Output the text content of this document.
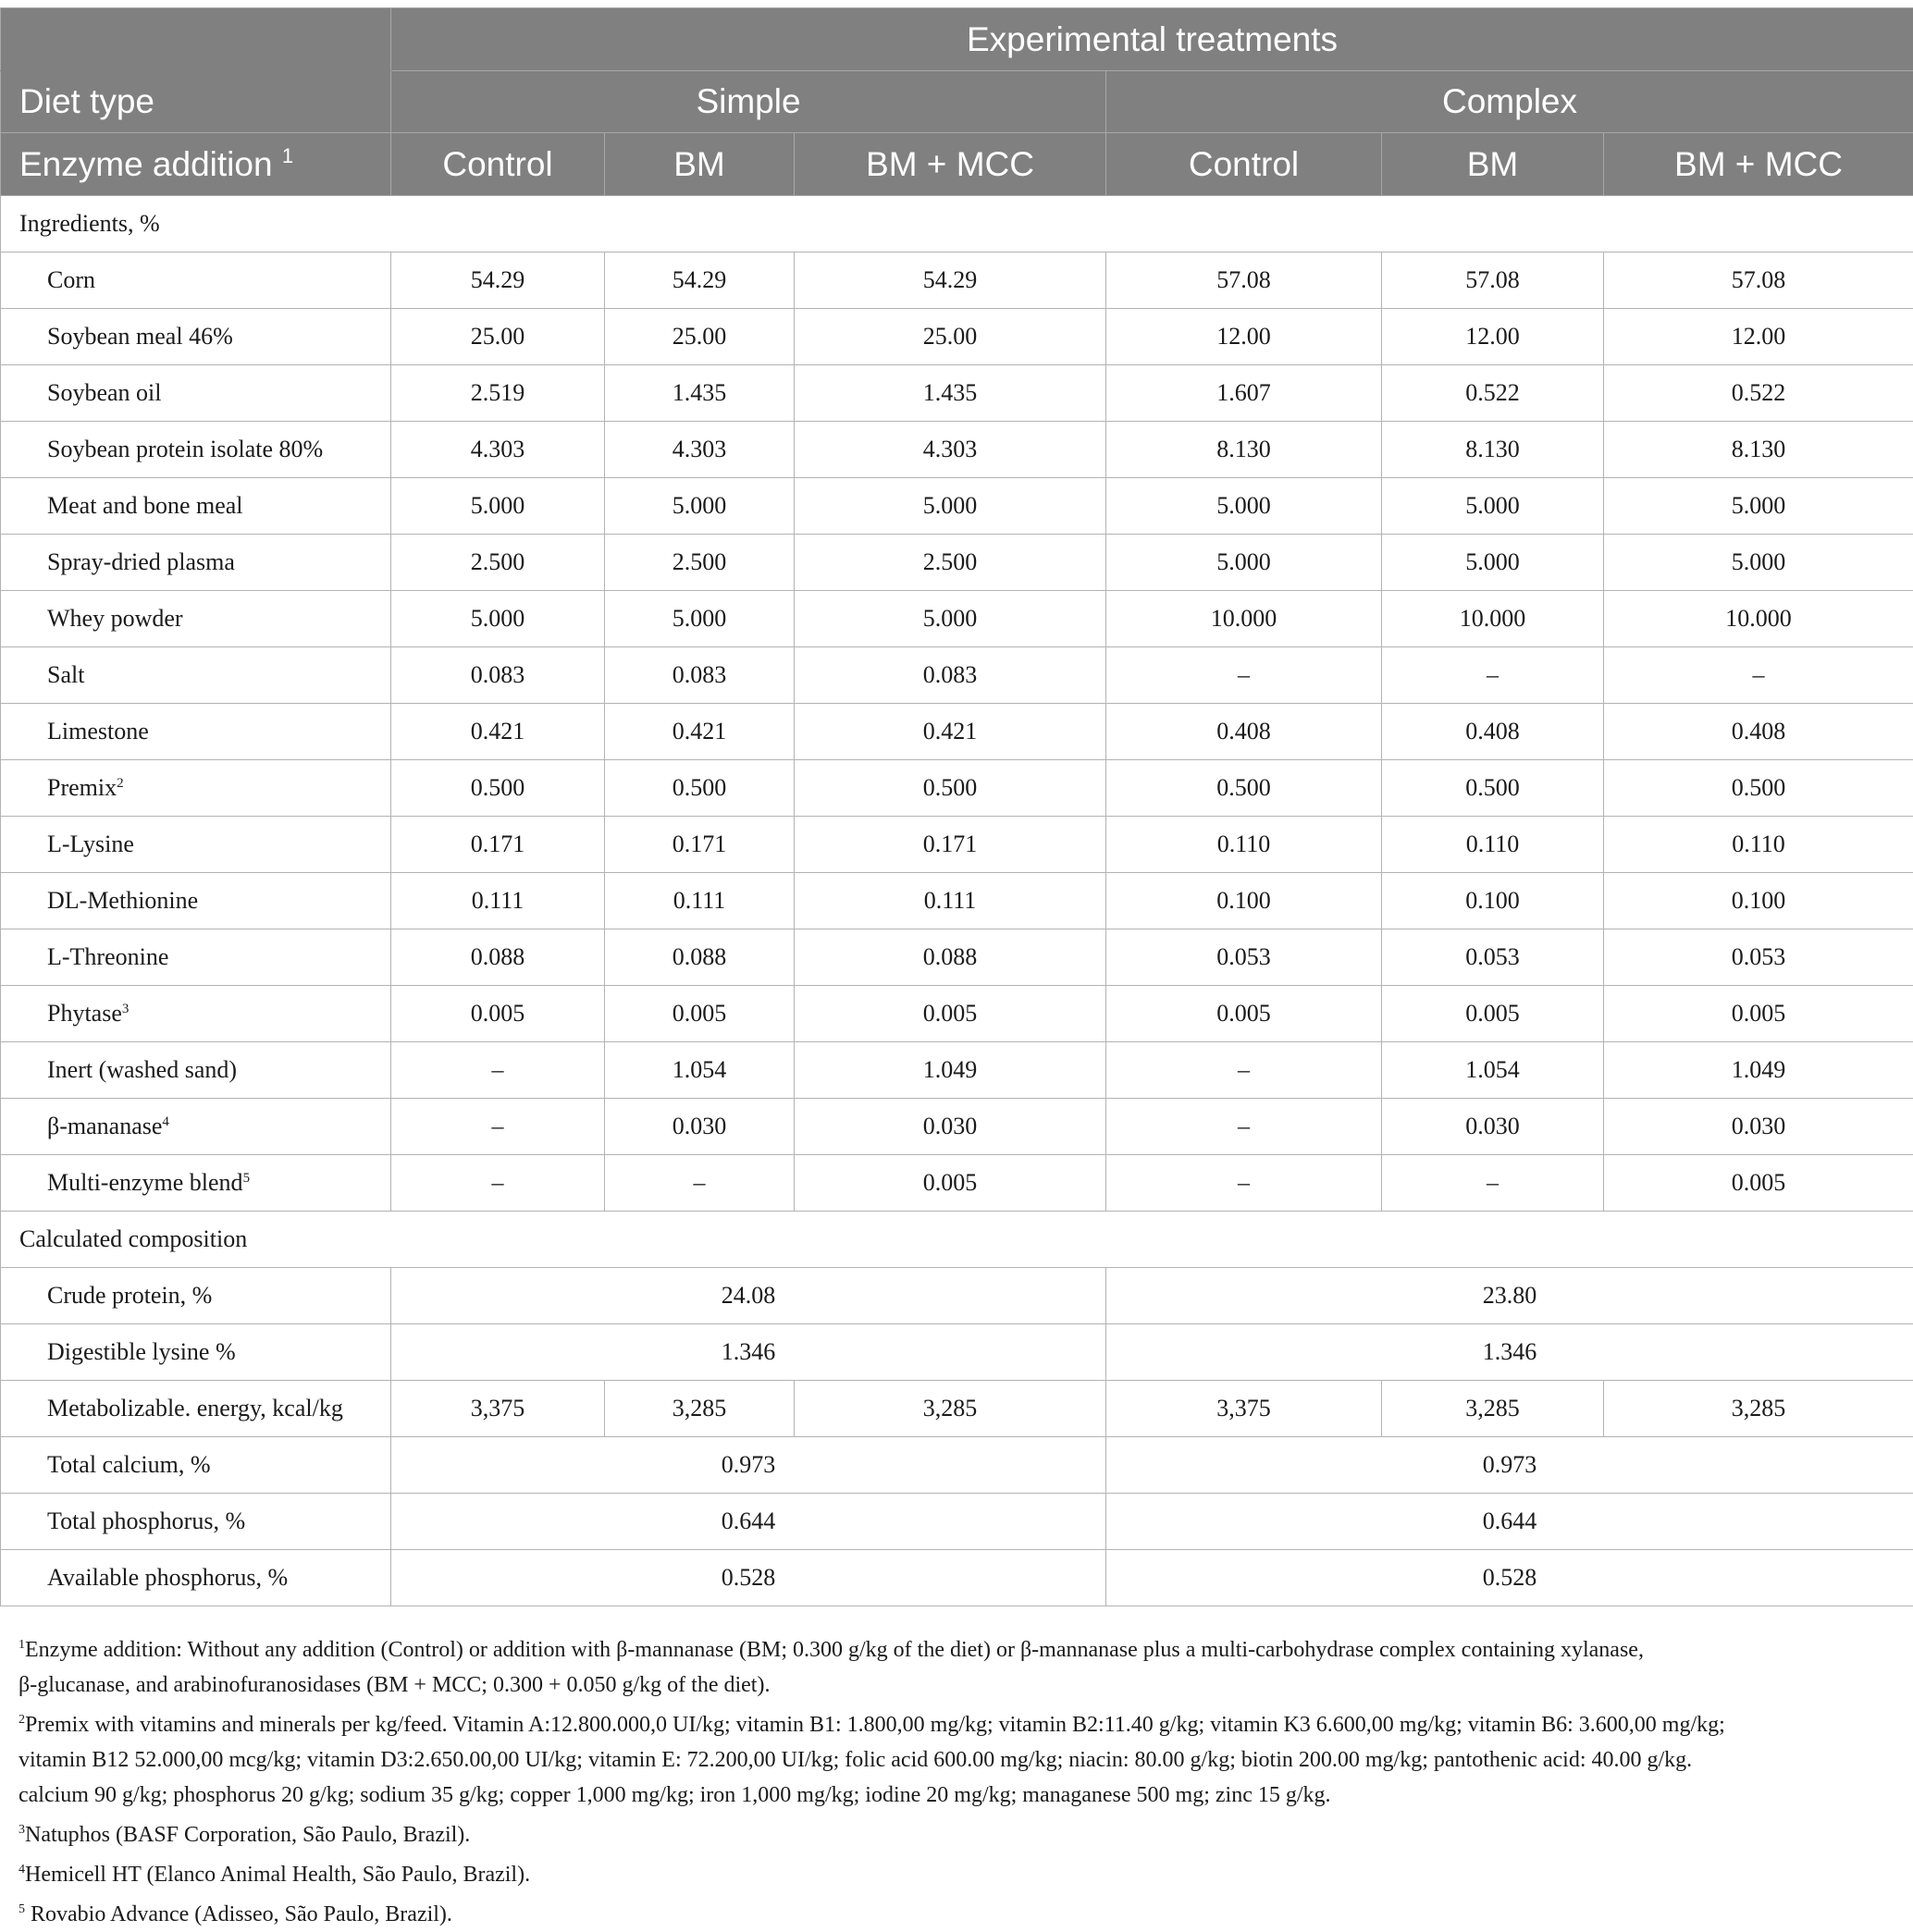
	Experimental treatments					
Diet type	Simple			Complex		
Enzyme addition $^1$	Control	BM	BM + MCC	Control	BM	BM + MCC
Ingredients, %						
Corn	54.29	54.29	54.29	57.08	57.08	57.08
Soybean meal 46%	25.00	25.00	25.00	12.00	12.00	12.00
Soybean oil	2.519	1.435	1.435	1.607	0.522	0.522
Soybean protein isolate 80%	4.303	4.303	4.303	8.130	8.130	8.130
Meat and bone meal	5.000	5.000	5.000	5.000	5.000	5.000
Spray-dried plasma	2.500	2.500	2.500	5.000	5.000	5.000
Whey powder	5.000	5.000	5.000	10.000	10.000	10.000
Salt	0.083	0.083	0.083	–	–	–
Limestone	0.421	0.421	0.421	0.408	0.408	0.408
Premix$^2$	0.500	0.500	0.500	0.500	0.500	0.500
L-Lysine	0.171	0.171	0.171	0.110	0.110	0.110
DL-Methionine	0.111	0.111	0.111	0.100	0.100	0.100
L-Threonine	0.088	0.088	0.088	0.053	0.053	0.053
Phytase$^3$	0.005	0.005	0.005	0.005	0.005	0.005
Inert (washed sand)	–	1.054	1.049	–	1.054	1.049
β-mananase$^4$	–	0.030	0.030	–	0.030	0.030
Multi-enzyme blend$^5$	–	–	0.005	–	–	0.005
Calculated composition						
Crude protein, %	24.08			23.80		
Digestible lysine %	1.346			1.346		
Metabolizable. energy, kcal/kg	3,375	3,285	3,285	3,375	3,285	3,285
Total calcium, %	0.973			0.973		
Total phosphorus, %	0.644			0.644		
Available phosphorus, %	0.528			0.528		

$^1$Enzyme addition: Without any addition (Control) or addition with β-mannanase (BM; 0.300 g/kg of the diet) or β-mannanase plus a multi-carbohydrase complex containing xylanase,

β-glucanase, and arabinofuranosidases (BM + MCC; 0.300 + 0.050 g/kg of the diet).

$^2$Premix with vitamins and minerals per kg/feed. Vitamin A:12.800.000,0 UI/kg; vitamin B1: 1.800,00 mg/kg; vitamin B2:11.40 g/kg; vitamin K3 6.600,00 mg/kg; vitamin B6: 3.600,00 mg/kg;

vitamin B12 52.000,00 mcg/kg; vitamin D3:2.650.00,00 UI/kg; vitamin E: 72.200,00 UI/kg; folic acid 600.00 mg/kg; niacin: 80.00 g/kg; biotin 200.00 mg/kg; pantothenic acid: 40.00 g/kg.

calcium 90 g/kg; phosphorus 20 g/kg; sodium 35 g/kg; copper 1,000 mg/kg; iron 1,000 mg/kg; iodine 20 mg/kg; managanese 500 mg; zinc 15 g/kg.

$^3$Natuphos (BASF Corporation, São Paulo, Brazil).

$^4$Hemicell HT (Elanco Animal Health, São Paulo, Brazil).

$^5$ Rovabio Advance (Adisseo, São Paulo, Brazil).
